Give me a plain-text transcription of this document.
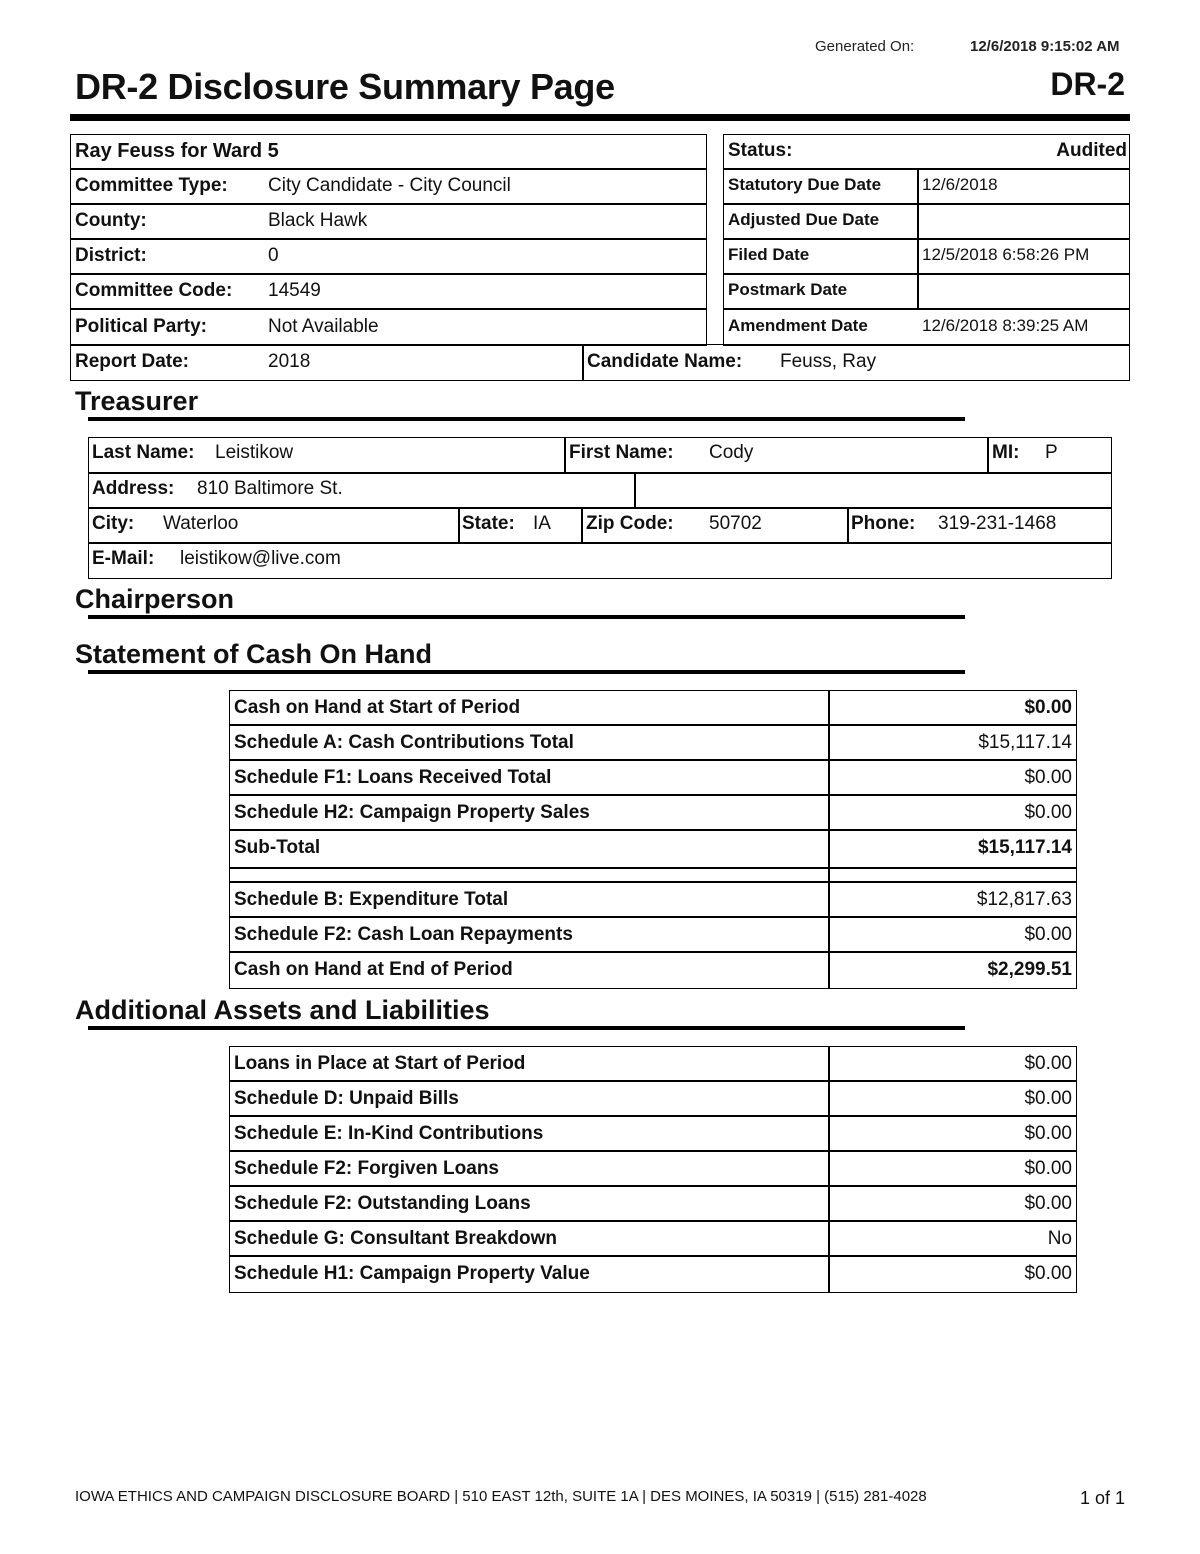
Generated On:	12/6/2018 9:15:02 AM
DR-2 Disclosure Summary Page	DR-2
Ray Feuss for Ward 5
Committee Type: City Candidate - City Council
County:	Black Hawk
District:	0
Committee Code: 14549
Political Party:	Not Available
Status:	Audited
Statutory Due Date 12/6/2018
Adjusted Due Date
Filed Date	12/5/2018 6:58:26 PM
Postmark Date
Amendment Date	12/6/2018 8:39:25 AM
Report Date:	2018	Candidate Name: Feuss, Ray
Treasurer
Last Name: Leistikow	First Name: Cody	MI: P
Address: 810 Baltimore St.
City: Waterloo	State: IA Zip Code: 50702	Phone: 319-231-1468
E-Mail: leistikow@live.com
Chairperson
Statement of Cash On Hand
Cash on Hand at Start of Period	$0.00
Schedule A: Cash Contributions Total	$15,117.14
Schedule F1: Loans Received Total	$0.00
Schedule H2: Campaign Property Sales	$0.00
Sub-Total	$15,117.14
Schedule B: Expenditure Total	$12,817.63
Schedule F2: Cash Loan Repayments	$0.00
Cash on Hand at End of Period	$2,299.51
Additional Assets and Liabilities
Loans in Place at Start of Period	$0.00
Schedule D: Unpaid Bills	$0.00
Schedule E: In-Kind Contributions	$0.00
Schedule F2: Forgiven Loans	$0.00
Schedule F2: Outstanding Loans	$0.00
Schedule G: Consultant Breakdown	No
Schedule H1: Campaign Property Value	$0.00
IOWA ETHICS AND CAMPAIGN DISCLOSURE BOARD | 510 EAST 12th, SUITE 1A | DES MOINES, IA 50319 | (515) 281-4028	1 of 1
